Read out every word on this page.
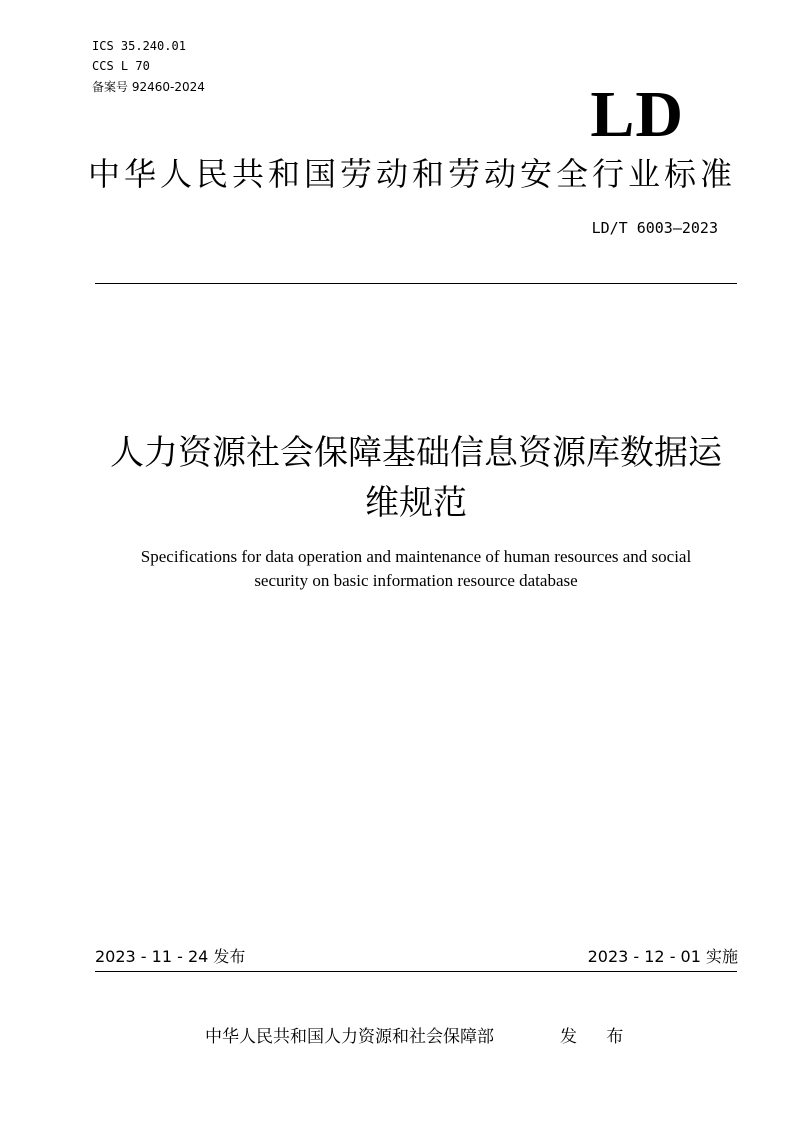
ICS 35.240.01
CCS L 70
备案号 92460-2024	LD
中华人民共和国劳动和劳动安全行业标准
LD/T 6003—2023
人力资源社会保障基础信息资源库数据运
维规范
Specifications for data operation and maintenance of human resources and social
security on basic information resource database
2023 - 11 - 24 发布	2023 - 12 - 01 实施
中华人民共和国人力资源和社会保障部	发 布
